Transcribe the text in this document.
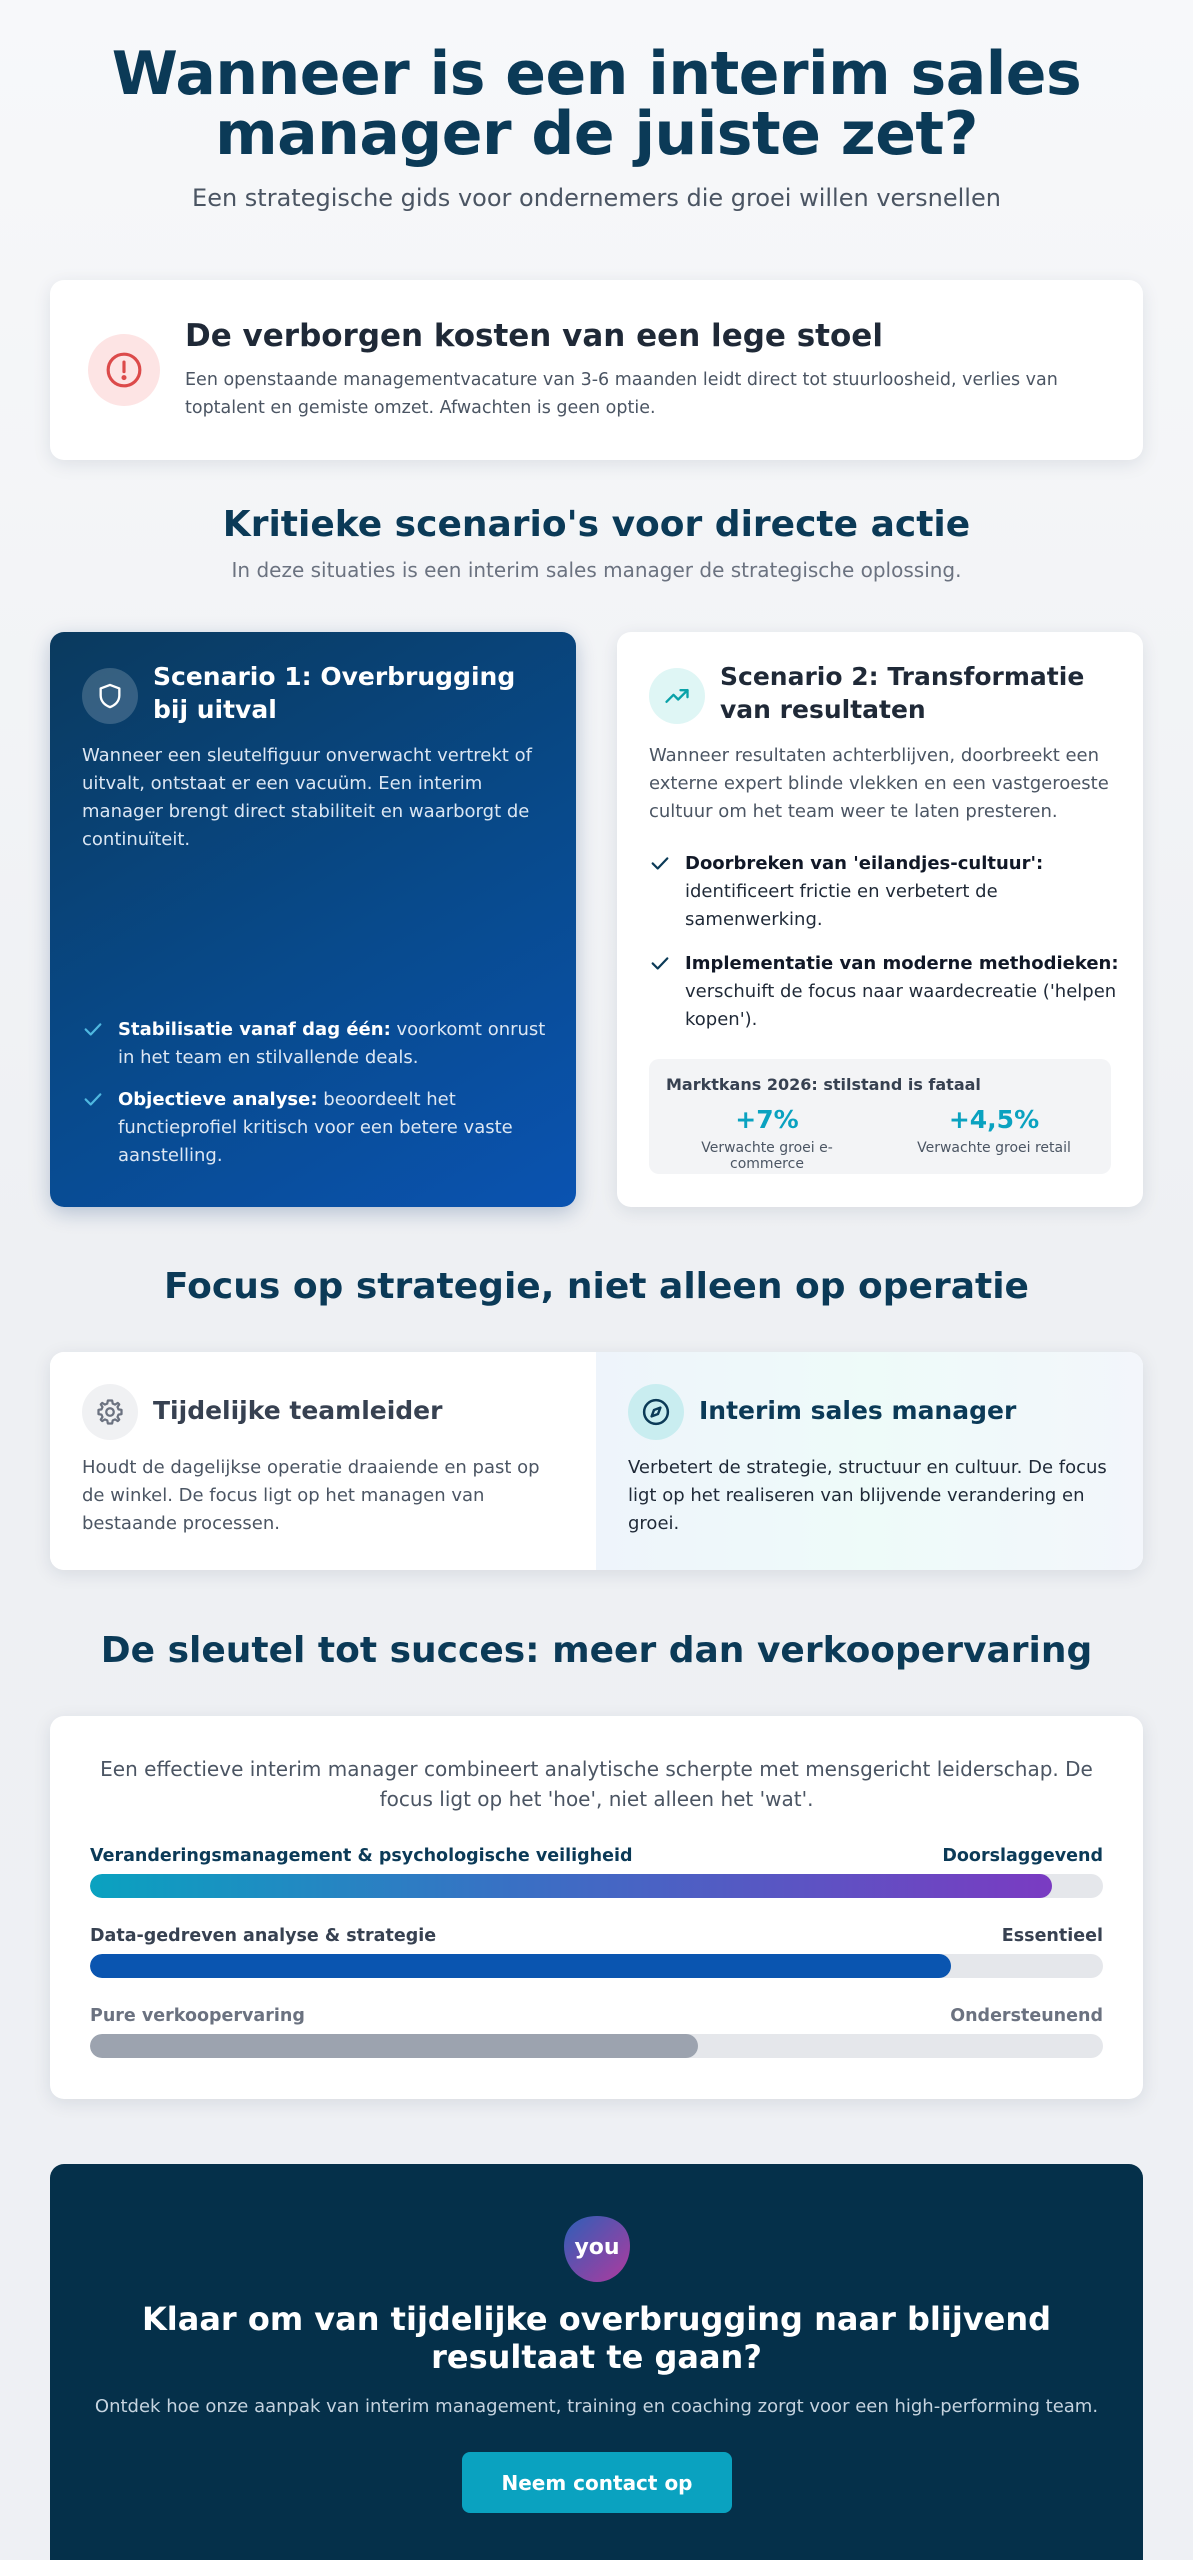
Wanneer is een interim sales
manager de juiste zet?

Een strategische gids voor ondernemers die groei willen versnellen

De verborgen kosten van een lege stoel

Een openstaande managementvacature van 3-6 maanden leidt direct tot stuurloosheid, verlies van toptalent en gemiste omzet. Afwachten is geen optie.

Kritieke scenario's voor directe actie

In deze situaties is een interim sales manager de strategische oplossing.

Scenario 1: Overbrugging bij uitval

Wanneer een sleutelfiguur onverwacht vertrekt of uitvalt, ontstaat er een vacuüm. Een interim manager brengt direct stabiliteit en waarborgt de continuïteit.

Stabilisatie vanaf dag één: voorkomt onrust in het team en stilvallende deals.
Objectieve analyse: beoordeelt het functieprofiel kritisch voor een betere vaste aanstelling.
Scenario 2: Transformatie van resultaten

Wanneer resultaten achterblijven, doorbreekt een externe expert blinde vlekken en een vastgeroeste cultuur om het team weer te laten presteren.

Doorbreken van 'eilandjes-cultuur': identificeert frictie en verbetert de samenwerking.
Implementatie van moderne methodieken: verschuift de focus naar waardecreatie ('helpen kopen').
Marktkans 2026: stilstand is fataal
+7%
Verwachte groei e-commerce
+4,5%
Verwachte groei retail
Focus op strategie, niet alleen op operatie
Tijdelijke teamleider

Houdt de dagelijkse operatie draaiende en past op de winkel. De focus ligt op het managen van bestaande processen.

Interim sales manager

Verbetert de strategie, structuur en cultuur. De focus ligt op het realiseren van blijvende verandering en groei.

De sleutel tot succes: meer dan verkoopervaring

Een effectieve interim manager combineert analytische scherpte met mensgericht leiderschap. De focus ligt op het 'hoe', niet alleen het 'wat'.

Veranderingsmanagement & psychologische veiligheid	Doorslaggevend
Data-gedreven analyse & strategie	Essentieel
Pure verkoopervaring	Ondersteunend
you
Klaar om van tijdelijke overbrugging naar blijvend resultaat te gaan?

Ontdek hoe onze aanpak van interim management, training en coaching zorgt voor een high-performing team.

Neem contact op
